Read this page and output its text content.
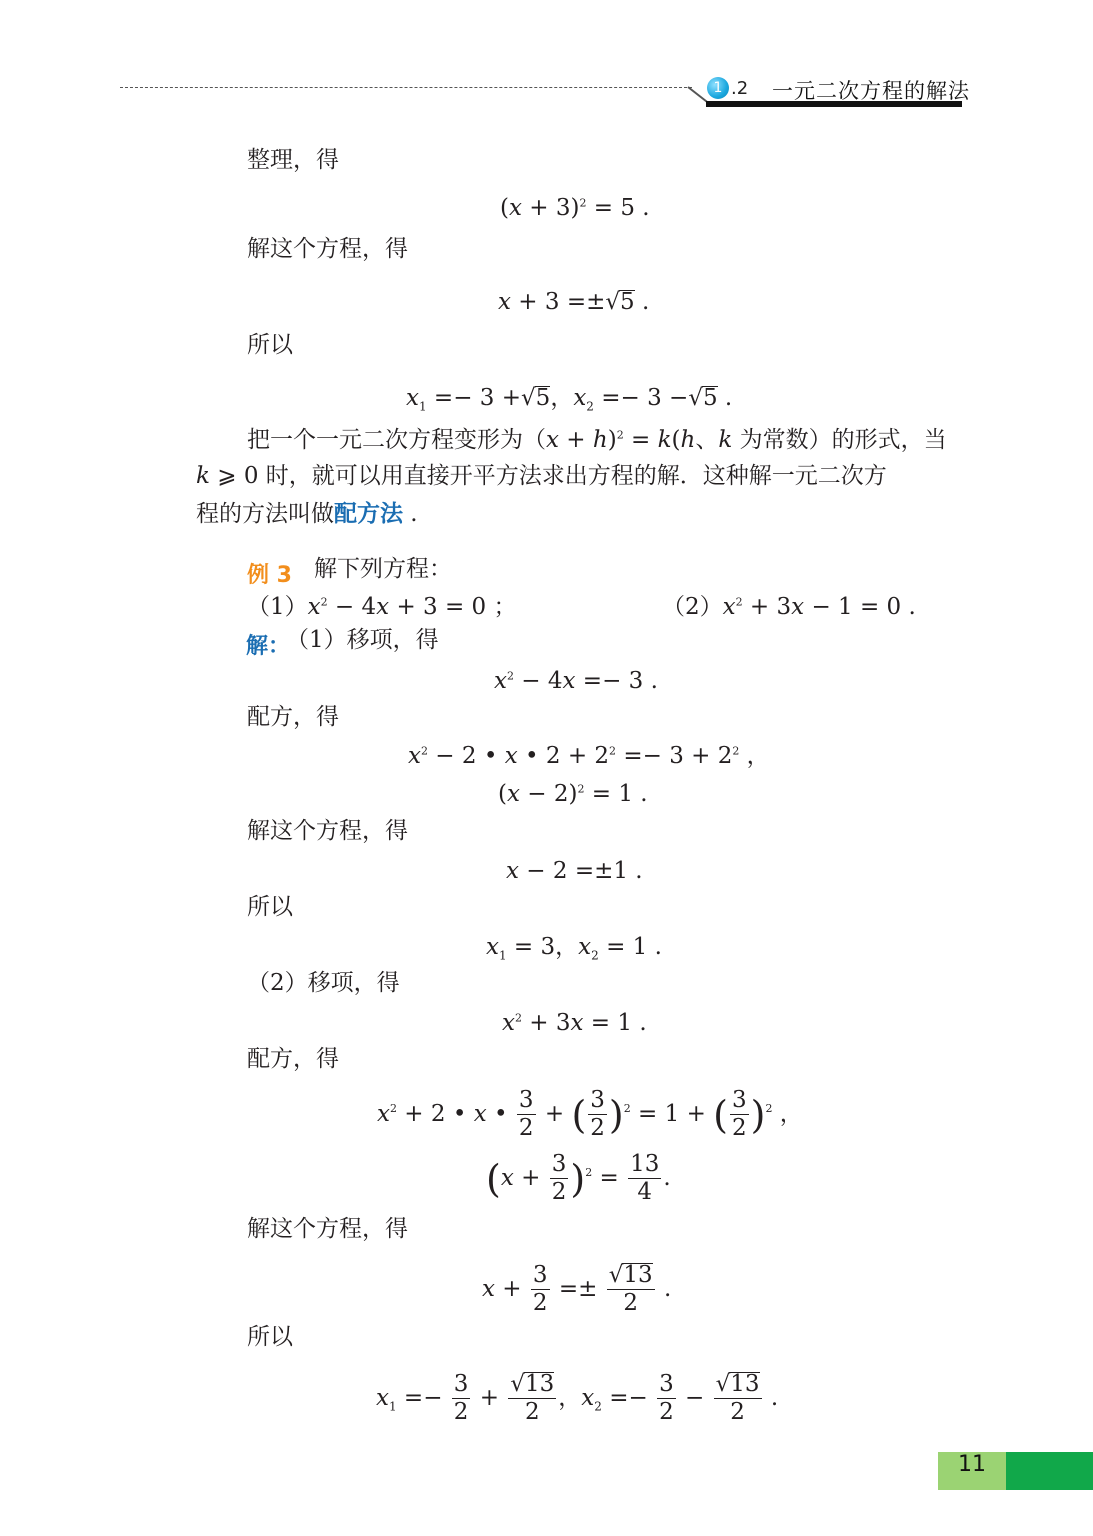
1 .2 一元二次方程的解法
整理，得
$(x + 3)^2 = 5$ .
解这个方程，得
x + 3 =±√5 .
所以
$x_1 =- 3 +√5$，$x_2 =- 3 -√5$ .
把一个一元二次方程变形为（x + h)$^2$ = k(h、k 为常数）的形式，当
k ⩾ 0 时，就可以用直接开平方法求出方程的解．这种解一元二次方
程的方法叫做配方法 .
例 3 解下列方程：
$(1)x^2 - 4x + 3 = 0$ ；	$(2)x^2 + 3x - 1 = 0$ .
解：
（1）移项，得
$x^2 - 4x =- 3$ .
配方，得
$x^2 - 2$ • x • $2 + 2^2 =- 3 + 2^2$ ，
$(x - 2)^2 = 1$ .
解这个方程，得
x − 2 =±1 .
所以
$x_1 = 3$，$x_2 = 1$ .
（2）移项，得
$x^2 + 3x = 1$ .
配方，得
$x^2 + 2$ • x • $\frac{3}{2}$ + ( $\frac{3}{2} )^2 = 1$ + ( $\frac{3}{2} )^2$ ，
$(x + \frac{3}{2} )^2 = \frac{13}{4}$ .
解这个方程，得
$x + \frac{3}{2} =\pm \frac{√13}{2}$ .
所以
$x_1 =- \frac{3}{2} + \frac{√13}{2}$ ，$x_2 =- \frac{3}{2} - \frac{√13}{2}$ .
11
